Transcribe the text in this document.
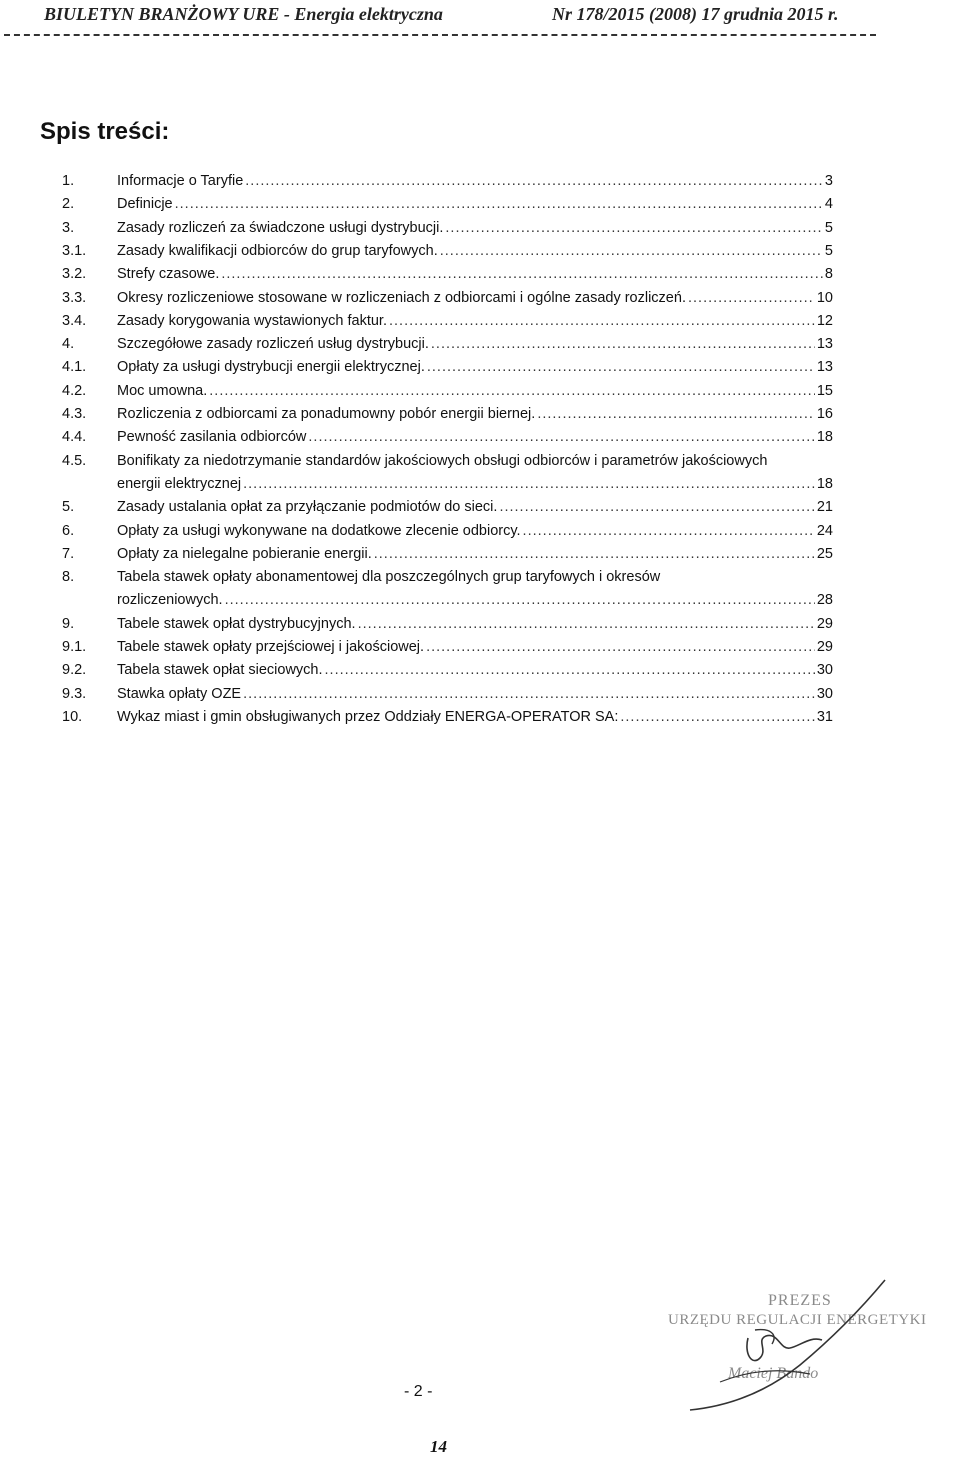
BIULETYN BRANŻOWY URE - Energia elektryczna	Nr 178/2015 (2008) 17 grudnia 2015 r.
Spis treści:
1.	Informacje o Taryfie .....	3
2.	Definicje .....	4
3.	Zasady rozliczeń za świadczone usługi dystrybucji. .....	5
3.1.	Zasady kwalifikacji odbiorców do grup taryfowych. .....	5
3.2.	Strefy czasowe. .....	8
3.3.	Okresy rozliczeniowe stosowane w rozliczeniach z odbiorcami i ogólne zasady rozliczeń. .....	10
3.4.	Zasady korygowania wystawionych faktur. .....	12
4.	Szczegółowe zasady rozliczeń usług dystrybucji. .....	13
4.1.	Opłaty za usługi dystrybucji energii elektrycznej. .....	13
4.2.	Moc umowna. .....	15
4.3.	Rozliczenia z odbiorcami za ponadumowny pobór energii biernej. .....	16
4.4.	Pewność zasilania odbiorców .....	18
4.5.	Bonifikaty za niedotrzymanie standardów jakościowych obsługi odbiorców i parametrów jakościowych
energii elektrycznej .....	18
5.	Zasady ustalania opłat za przyłączanie podmiotów do sieci. .....	21
6.	Opłaty za usługi wykonywane na dodatkowe zlecenie odbiorcy. .....	24
7.	Opłaty za nielegalne pobieranie energii. .....	25
8.	Tabela stawek opłaty abonamentowej dla poszczególnych grup taryfowych i okresów
rozliczeniowych. .....	28
9.	Tabele stawek opłat dystrybucyjnych. .....	29
9.1.	Tabele stawek opłaty przejściowej i jakościowej. .....	29
9.2.	Tabela stawek opłat sieciowych. .....	30
9.3.	Stawka opłaty OZE .....	30
10.	Wykaz miast i gmin obsługiwanych przez Oddziały ENERGA-OPERATOR SA: .....	31
- 2 -
14
PREZES
URZĘDU REGULACJI ENERGETYKI
Maciej Bando
